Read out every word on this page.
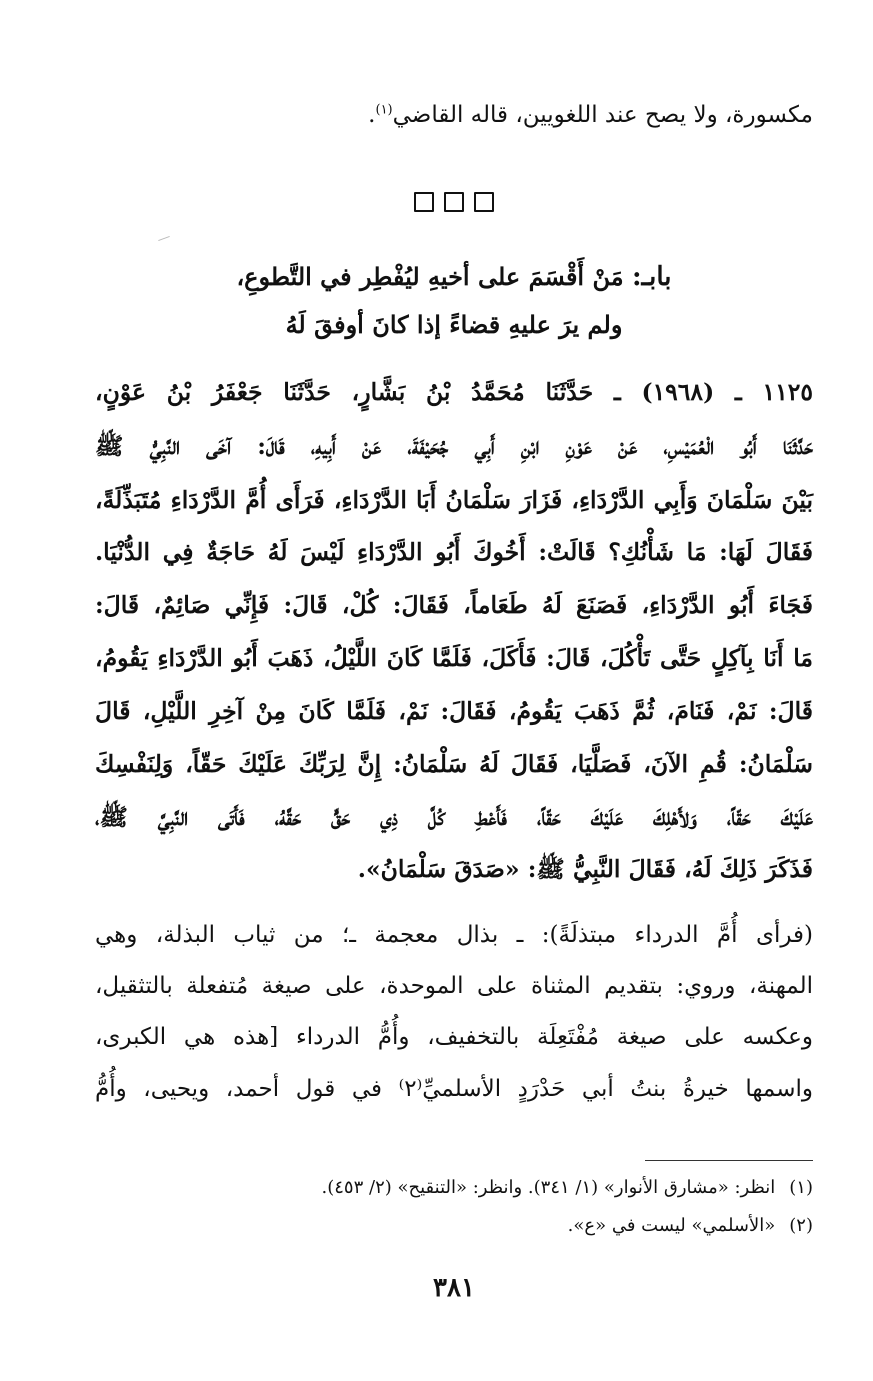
مكسورة، ولا يصح عند اللغويين، قاله القاضي$^{(١)}$.
بابـ: مَنْ أَقْسَمَ على أخيهِ ليُفْطِر في التَّطوعِ،
ولم يرَ عليهِ قضاءً إذا كانَ أوفقَ لَهُ
١١٢٥ ـ (١٩٦٨) ـ حَدَّثَنَا مُحَمَّدُ بْنُ بَشَّارٍ، حَدَّثَنَا جَعْفَرُ بْنُ عَوْنٍ،
حَدَّثَنَا أَبُو الْعُمَيْسِ، عَنْ عَوْنِ ابْنِ أَبِي جُحَيْفَةَ، عَنْ أَبِيهِ، قَالَ: آخَى النَّبِيُّ ﷺ
بَيْنَ سَلْمَانَ وَأَبِي الدَّرْدَاءِ، فَزَارَ سَلْمَانُ أَبَا الدَّرْدَاءِ، فَرَأَى أُمَّ الدَّرْدَاءِ مُتَبَذِّلَةً،
فَقَالَ لَهَا: مَا شَأْنُكِ؟ قَالَتْ: أَخُوكَ أَبُو الدَّرْدَاءِ لَيْسَ لَهُ حَاجَةٌ فِي الدُّنْيَا.
فَجَاءَ أَبُو الدَّرْدَاءِ، فَصَنَعَ لَهُ طَعَاماً، فَقَالَ: كُلْ، قَالَ: فَإِنِّي صَائِمٌ، قَالَ:
مَا أَنَا بِآكِلٍ حَتَّى تَأْكُلَ، قَالَ: فَأَكَلَ، فَلَمَّا كَانَ اللَّيْلُ، ذَهَبَ أَبُو الدَّرْدَاءِ يَقُومُ،
قَالَ: نَمْ، فَنَامَ، ثُمَّ ذَهَبَ يَقُومُ، فَقَالَ: نَمْ، فَلَمَّا كَانَ مِنْ آخِرِ اللَّيْلِ، قَالَ
سَلْمَانُ: قُمِ الآنَ، فَصَلَّيَا، فَقَالَ لَهُ سَلْمَانُ: إِنَّ لِرَبِّكَ عَلَيْكَ حَقّاً، وَلِنَفْسِكَ
عَلَيْكَ حَقّاً، وَلأَهْلِكَ عَلَيْكَ حَقّاً، فَأَعْطِ كُلَّ ذِي حَقٍّ حَقَّهُ، فَأَتَى النَّبِيَّ ﷺ،
فَذَكَرَ ذَلِكَ لَهُ، فَقَالَ النَّبِيُّ ﷺ: «صَدَقَ سَلْمَانُ».
(فرأى أُمَّ الدرداء مبتذلَةً): ـ بذال معجمة ـ؛ من ثياب البذلة، وهي
المهنة، وروي: بتقديم المثناة على الموحدة، على صيغة مُتفعلة بالتثقيل،
وعكسه على صيغة مُفْتَعِلَة بالتخفيف، وأُمُّ الدرداء [هذه هي الكبرى،
واسمها خيرةُ بنتُ أبي حَدْرَدٍ الأسلميِّ⁽٢⁾ في قول أحمد، ويحيى، وأُمُّ
(١)انظر: «مشارق الأنوار» (١/ ٣٤١). وانظر: «التنقيح» (٢/ ٤٥٣).
(٢)«الأسلمي» ليست في «ع».
٣٨١
